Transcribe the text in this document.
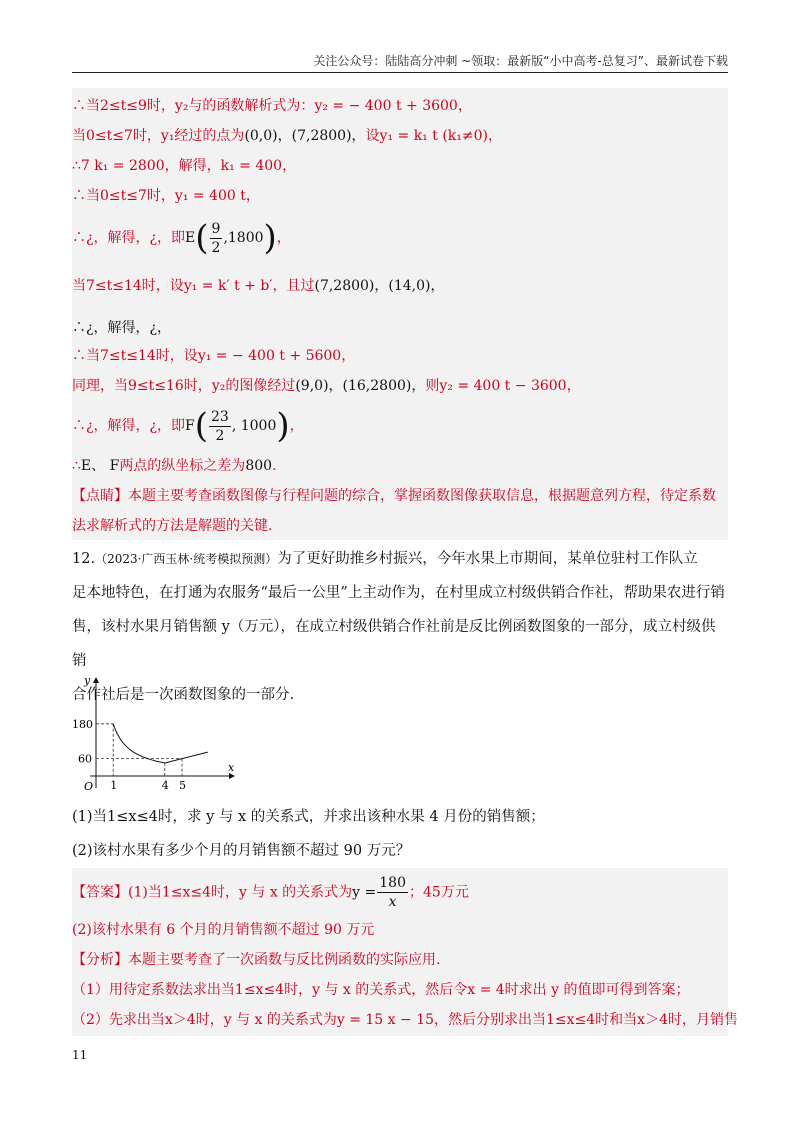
关注公众号：陆陆高分冲刺 ~领取：最新版“小中高考-总复习”、最新试卷下载
∴当2≤t≤9时，y₂与的函数解析式为：y₂ = − 400 t + 3600，
当0≤t≤7时，y₁经过的点为(0,0)，(7,2800)，设y₁ = k₁ t (k₁≠0)，
∴7 k₁ = 2800，解得，k₁ = 400，
∴当0≤t≤7时，y₁ = 400 t，
∴¿，解得，¿，即$E( \frac{9}{2} ,1800)$，
当7≤t≤14时，设y₁ = k′ t + b′，且过(7,2800)，(14,0)，
∴¿，解得，¿，
∴当7≤t≤14时，设y₁ = − 400 t + 5600，
同理，当9≤t≤16时，y₂的图像经过(9,0)，(16,2800)，则y₂ = 400 t − 3600，
∴¿，解得，¿，即$F( \frac{23}{2}$ , 1000)，
∴E、 F两点的纵坐标之差为800.
【点睛】本题主要考查函数图像与行程问题的综合，掌握函数图像获取信息，根据题意列方程，待定系数
法求解析式的方法是解题的关键.
12.（2023·广西玉林·统考模拟预测）为了更好助推乡村振兴，今年水果上市期间，某单位驻村工作队立
足本地特色，在打通为农服务“最后一公里”上主动作为，在村里成立村级供销合作社，帮助果农进行销
售，该村水果月销售额 y（万元），在成立村级供销合作社前是反比例函数图象的一部分，成立村级供销
合作社后是一次函数图象的一部分.
y
x
O 1	4 5
60
180
(1)当1≤x≤4时，求 y 与 x 的关系式，并求出该种水果 4 月份的销售额；
(2)该村水果有多少个月的月销售额不超过 90 万元？
【答案】(1)当1≤x≤4时，y 与 x 的关系式为$y = \frac{180}{x}$ ；45万元
(2)该村水果有 6 个月的月销售额不超过 90 万元
【分析】本题主要考查了一次函数与反比例函数的实际应用.
（1）用待定系数法求出当1≤x≤4时，y 与 x 的关系式，然后令x = 4时求出 y 的值即可得到答案；
（2）先求出当x＞4时，y 与 x 的关系式为y = 15 x − 15，然后分别求出当1≤x≤4时和当x＞4时，月销售
11
